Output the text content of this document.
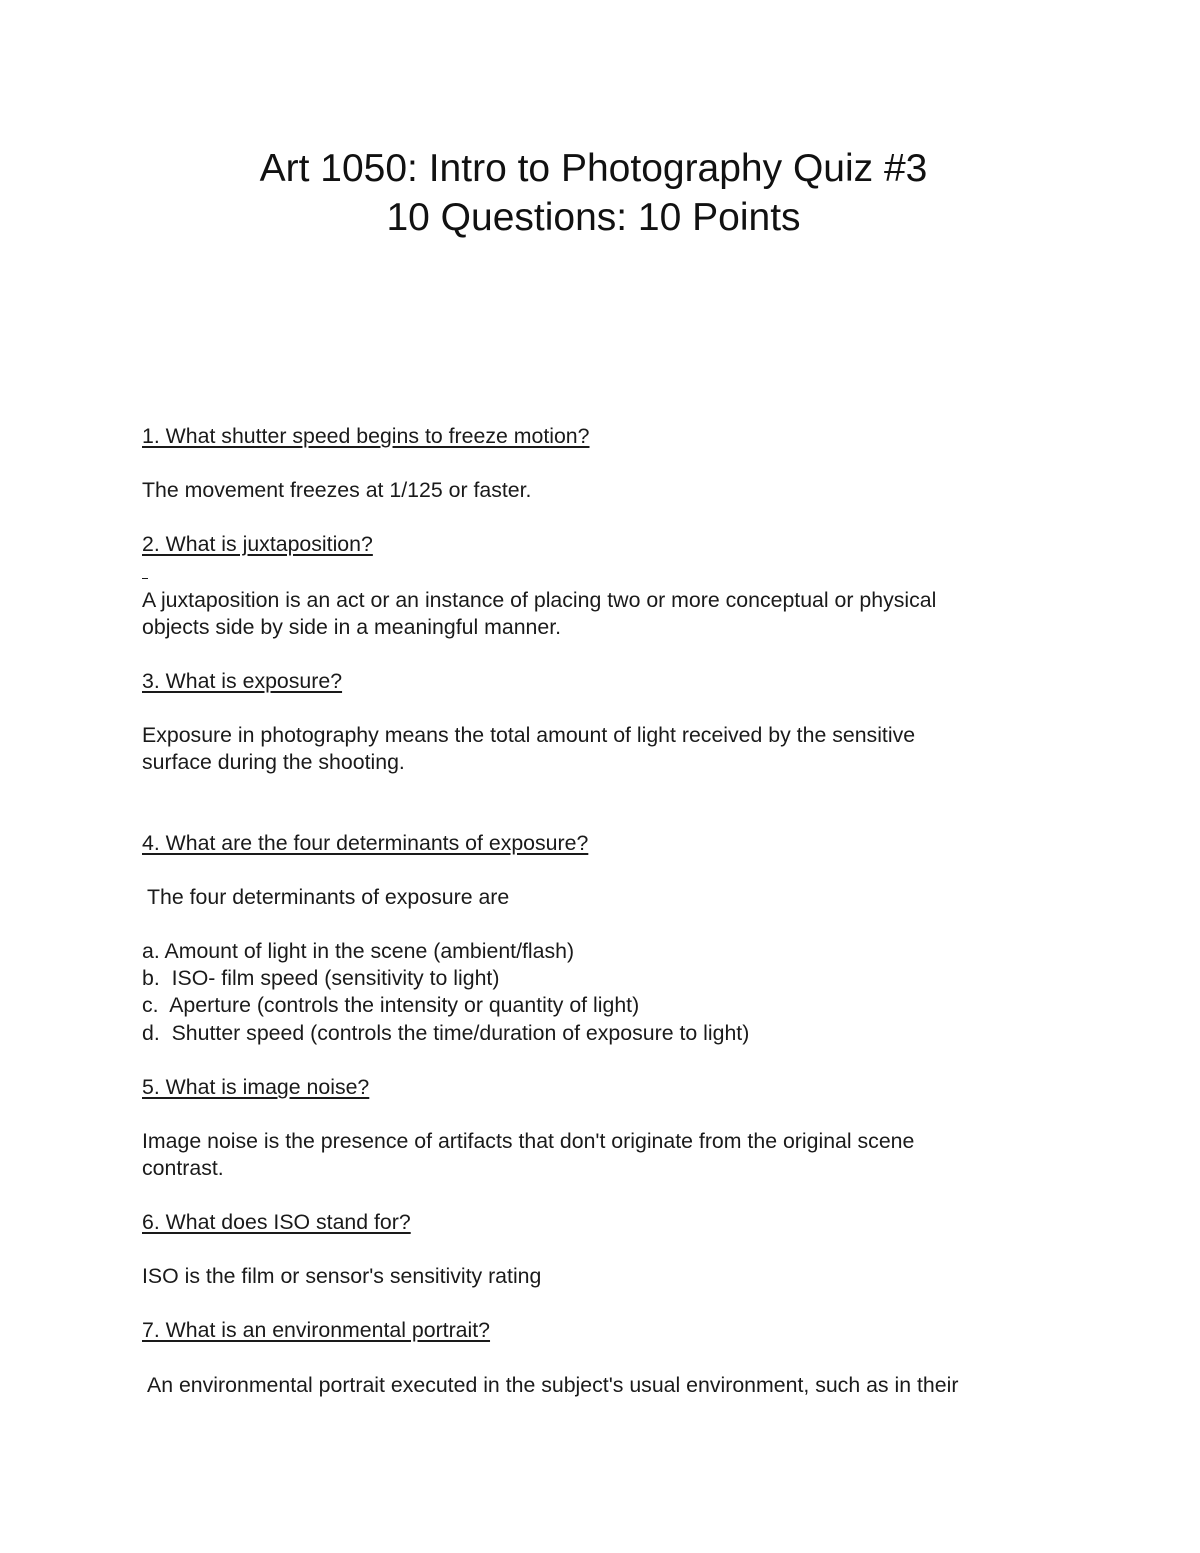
Art 1050: Intro to Photography Quiz #3
10 Questions: 10 Points
1. What shutter speed begins to freeze motion?
The movement freezes at 1/125 or faster.
2. What is juxtaposition?
A juxtaposition is an act or an instance of placing two or more conceptual or physical
objects side by side in a meaningful manner.
3. What is exposure?
Exposure in photography means the total amount of light received by the sensitive
surface during the shooting.
4. What are the four determinants of exposure?
The four determinants of exposure are
a. Amount of light in the scene (ambient/flash)
b.  ISO- film speed (sensitivity to light)
c.  Aperture (controls the intensity or quantity of light)
d.  Shutter speed (controls the time/duration of exposure to light)
5. What is image noise?
Image noise is the presence of artifacts that don't originate from the original scene
contrast.
6. What does ISO stand for?
ISO is the film or sensor's sensitivity rating
7. What is an environmental portrait?
An environmental portrait executed in the subject's usual environment, such as in their
